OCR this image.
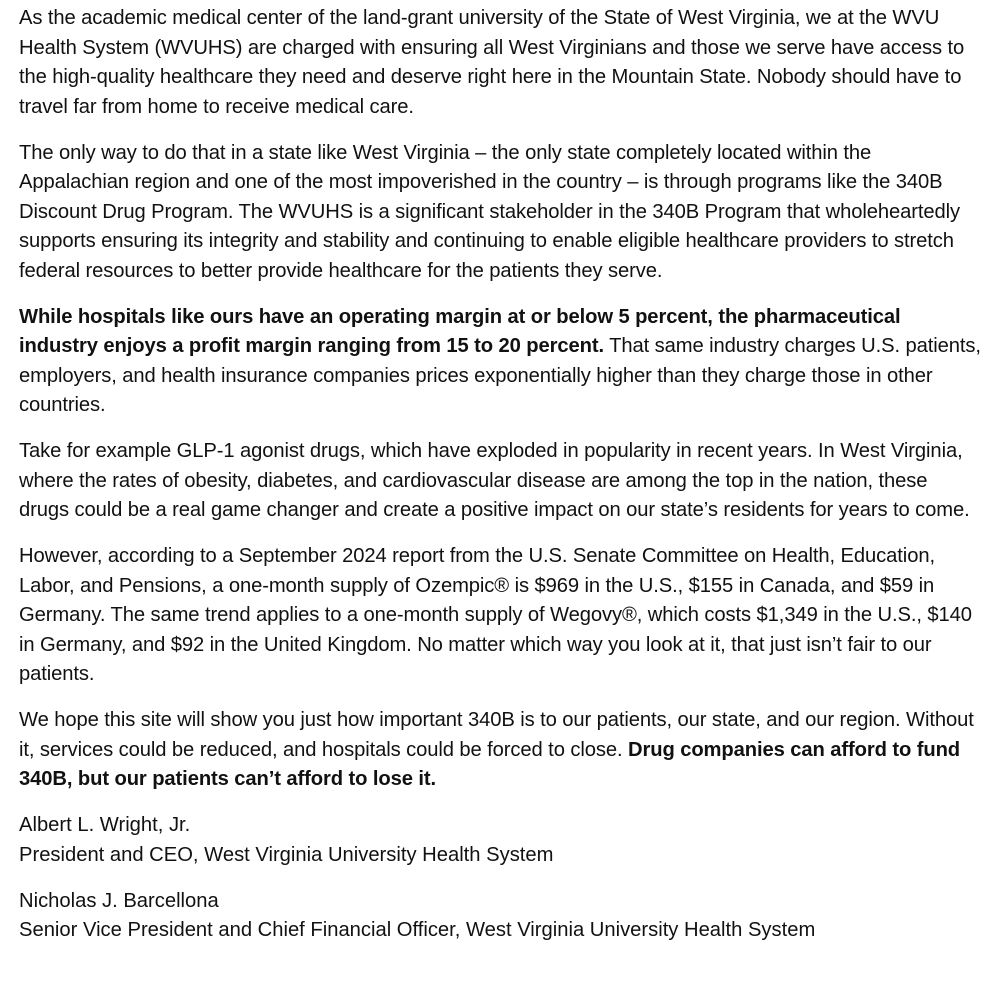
As the academic medical center of the land-grant university of the State of West Virginia, we at the WVU Health System (WVUHS) are charged with ensuring all West Virginians and those we serve have access to the high-quality healthcare they need and deserve right here in the Mountain State. Nobody should have to travel far from home to receive medical care.

The only way to do that in a state like West Virginia – the only state completely located within the Appalachian region and one of the most impoverished in the country – is through programs like the 340B Discount Drug Program. The WVUHS is a significant stakeholder in the 340B Program that wholeheartedly supports ensuring its integrity and stability and continuing to enable eligible healthcare providers to stretch federal resources to better provide healthcare for the patients they serve.

While hospitals like ours have an operating margin at or below 5 percent, the pharmaceutical industry enjoys a profit margin ranging from 15 to 20 percent. That same industry charges U.S. patients, employers, and health insurance companies prices exponentially higher than they charge those in other countries.

Take for example GLP-1 agonist drugs, which have exploded in popularity in recent years. In West Virginia, where the rates of obesity, diabetes, and cardiovascular disease are among the top in the nation, these drugs could be a real game changer and create a positive impact on our state’s residents for years to come.

However, according to a September 2024 report from the U.S. Senate Committee on Health, Education, Labor, and Pensions, a one-month supply of Ozempic® is $969 in the U.S., $155 in Canada, and $59 in Germany. The same trend applies to a one-month supply of Wegovy®, which costs $1,349 in the U.S., $140 in Germany, and $92 in the United Kingdom. No matter which way you look at it, that just isn’t fair to our patients.

We hope this site will show you just how important 340B is to our patients, our state, and our region. Without it, services could be reduced, and hospitals could be forced to close. Drug companies can afford to fund 340B, but our patients can’t afford to lose it.

Albert L. Wright, Jr.
President and CEO, West Virginia University Health System
Nicholas J. Barcellona
Senior Vice President and Chief Financial Officer, West Virginia University Health System
